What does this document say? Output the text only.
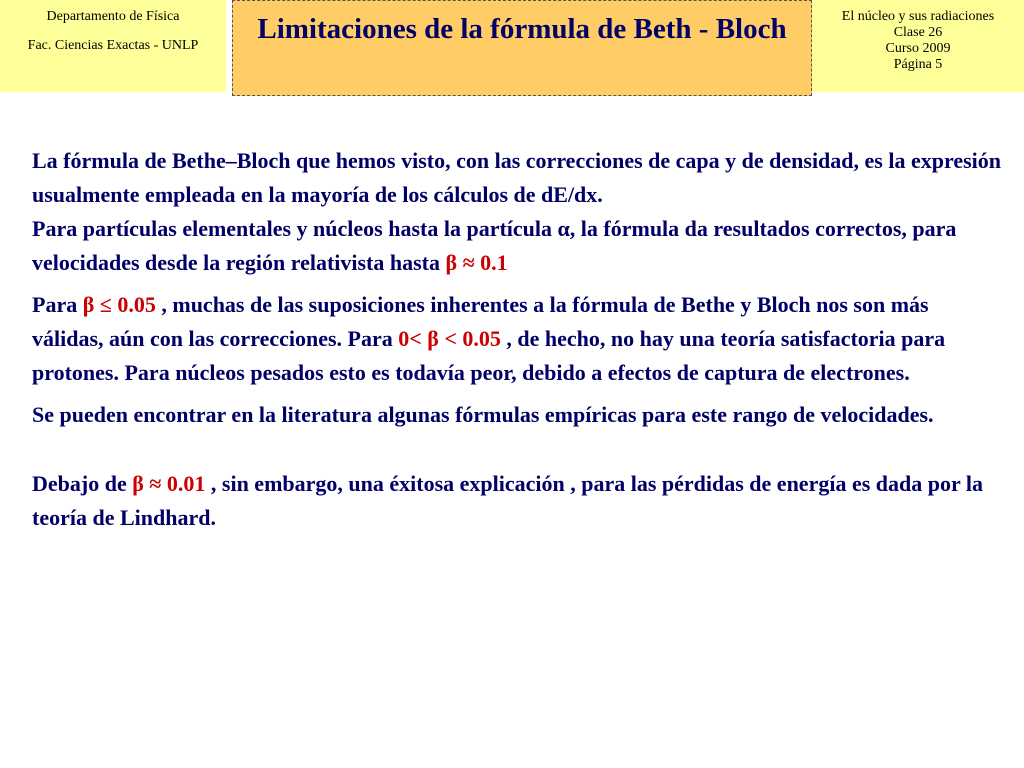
Departamento de Física
Fac. Ciencias Exactas - UNLP
Limitaciones de la fórmula de Beth - Bloch	El núcleo y sus radiaciones
Clase 26
Curso 2009
Página 5

La fórmula de Bethe–Bloch que hemos visto, con las correcciones de capa y de densidad, es la expresión usualmente empleada en la mayoría de los cálculos de dE/dx.

Para partículas elementales y núcleos hasta la partícula α, la fórmula da resultados correctos, para velocidades desde la región relativista hasta β ≈ 0.1

Para β ≤ 0.05 , muchas de las suposiciones inherentes a la fórmula de Bethe y Bloch nos son más válidas, aún con las correcciones. Para 0< β < 0.05 , de hecho, no hay una teoría satisfactoria para protones. Para núcleos pesados esto es todavía peor, debido a efectos de captura de electrones.

Se pueden encontrar en la literatura algunas fórmulas empíricas para este rango de velocidades.

Debajo de β ≈ 0.01 , sin embargo, una éxitosa explicación , para las pérdidas de energía es dada por la teoría de Lindhard.
